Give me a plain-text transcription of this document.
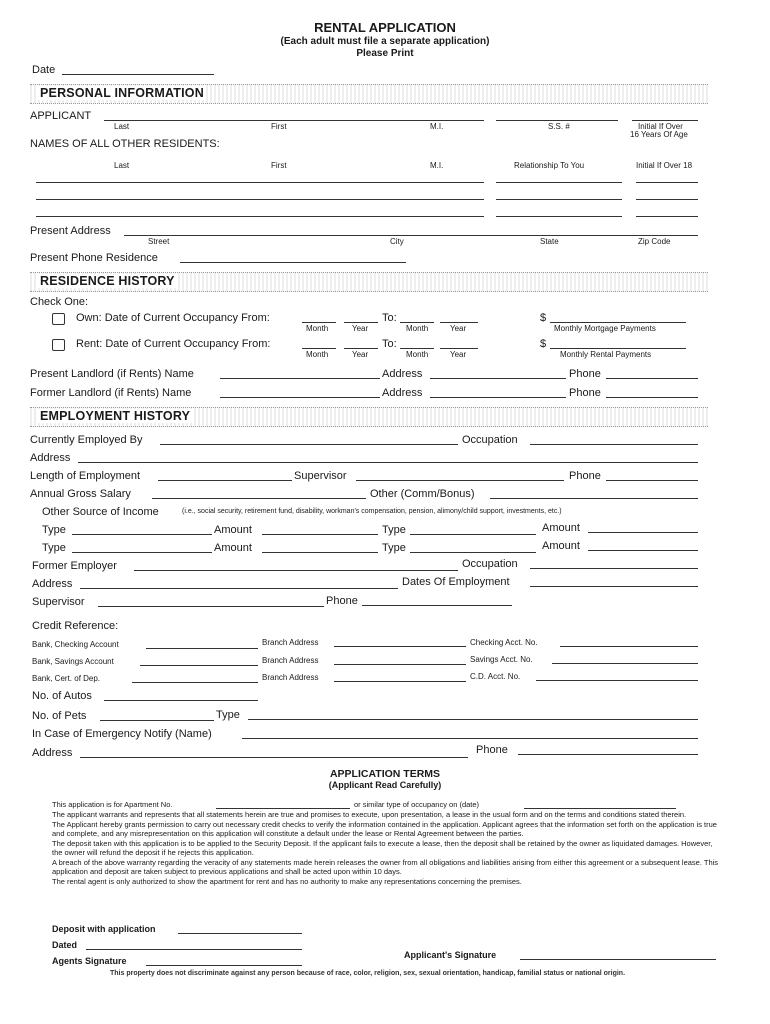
RENTAL APPLICATION
(Each adult must file a separate application)
Please Print
Date
PERSONAL INFORMATION
APPLICANT
Last	First	M.I.	S.S. #	Initial If Over
16 Years Of Age
NAMES OF ALL OTHER RESIDENTS:
Last	First	M.I.	Relationship To You	Initial If Over 18
Present Address
Street	City	State	Zip Code
Present Phone Residence
RESIDENCE HISTORY
Check One:
Own: Date of Current Occupancy From:	To:
Month	Year	Month	Year
$
Monthly Mortgage Payments
Rent: Date of Current Occupancy From:	To:
Month	Year	Month	Year
$
Monthly Rental Payments
Present Landlord (if Rents) Name	Address	Phone
Former Landlord (if Rents) Name	Address	Phone
EMPLOYMENT HISTORY
Currently Employed By	Occupation
Address
Length of Employment	Supervisor	Phone
Annual Gross Salary	Other (Comm/Bonus)
Other Source of Income	(i.e., social security, retirement fund, disability, workman's compensation, pension, alimony/child support, investments, etc.)
Type	Amount	Type	Amount
Type	Amount	Type	Amount
Former Employer	Occupation
Address	Dates Of Employment
Supervisor	Phone
Credit Reference:
Bank, Checking Account	Branch Address	Checking Acct. No.
Bank, Savings Account	Branch Address	Savings Acct. No.
Bank, Cert. of Dep.	Branch Address	C.D. Acct. No.
No. of Autos
No. of Pets	Type
In Case of Emergency Notify (Name)
Address	Phone
APPLICATION TERMS
(Applicant Read Carefully)
This application is for Apartment No.	or similar type of occupancy on (date)

The applicant warrants and represents that all statements herein are true and promises to execute, upon presentation, a lease in the usual form and on the terms and conditions stated therein.

The Applicant hereby grants permission to carry out necessary credit checks to verify the information contained in the application. Applicant agrees that the information set forth on the application is true and complete, and any misrepresentation on this application will constitute a default under the lease or Rental Agreement between the parties.

The deposit taken with this application is to be applied to the Security Deposit. If the applicant fails to execute a lease, then the deposit shall be retained by the owner as liquidated damages. However, the owner will refund the deposit if he rejects this application.

A breach of the above warranty regarding the veracity of any statements made herein releases the owner from all obligations and liabilities arising from either this agreement or a subsequent lease. This application and deposit are taken subject to previous applications and shall be acted upon within 10 days.

The rental agent is only authorized to show the apartment for rent and has no authority to make any representations concerning the premises.

Deposit with application
Dated
Agents Signature
Applicant's Signature
This property does not discriminate against any person because of race, color, religion, sex, sexual orientation, handicap, familial status or national origin.
